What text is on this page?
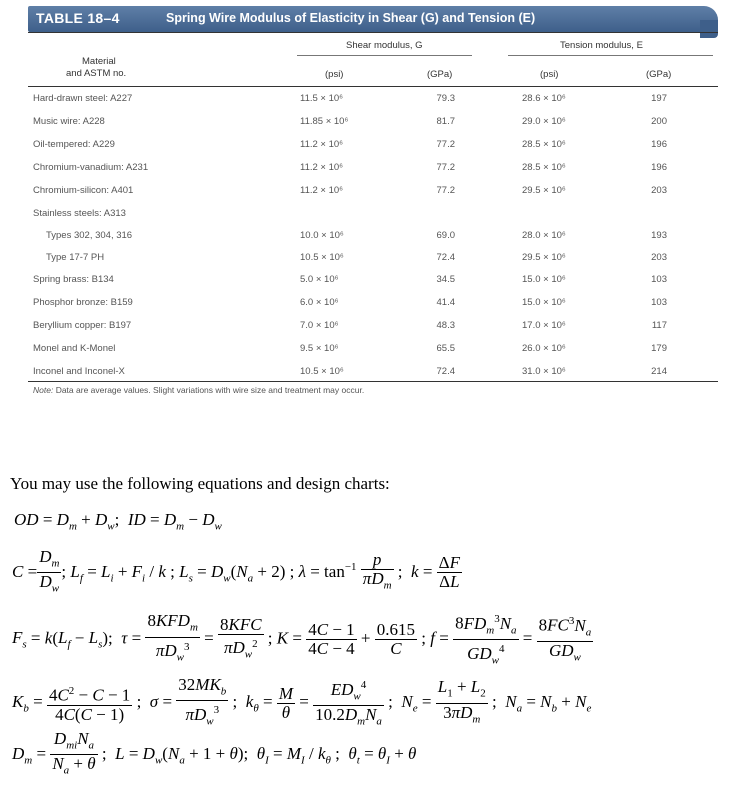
TABLE 18–4	Spring Wire Modulus of Elasticity in Shear (G) and Tension (E)
Material
and ASTM no.
Shear modulus, G	Tension modulus, E
(psi)	(GPa)	(psi)	(GPa)
Hard-drawn steel: A227	11.5 × 10⁶	79.3	28.6 × 10⁶	197
Music wire: A228	11.85 × 10⁶	81.7	29.0 × 10⁶	200
Oil-tempered: A229	11.2 × 10⁶	77.2	28.5 × 10⁶	196
Chromium-vanadium: A231	11.2 × 10⁶	77.2	28.5 × 10⁶	196
Chromium-silicon: A401	11.2 × 10⁶	77.2	29.5 × 10⁶	203
Stainless steels: A313
Types 302, 304, 316	10.0 × 10⁶	69.0	28.0 × 10⁶	193
Type 17-7 PH	10.5 × 10⁶	72.4	29.5 × 10⁶	203
Spring brass: B134	5.0 × 10⁶	34.5	15.0 × 10⁶	103
Phosphor bronze: B159	6.0 × 10⁶	41.4	15.0 × 10⁶	103
Beryllium copper: B197	7.0 × 10⁶	48.3	17.0 × 10⁶	117
Monel and K-Monel	9.5 × 10⁶	65.5	26.0 × 10⁶	179
Inconel and Inconel-X	10.5 × 10⁶	72.4	31.0 × 10⁶	214
Note: Data are average values. Slight variations with wire size and treatment may occur.
You may use the following equations and design charts:
OD = $D_m + D_w$;  ID = $D_m - D_w$
$C = \frac{D_m}{D_w}$ ; $L_f = L_i + F_i / k$ ; $L_s = D_w(N_a + 2)$ ; $\lambda = \tan^{-1} \frac{p}{\pi D_m}$ ;  $k = \frac{\Delta F}{\Delta L}$
$F_s = k(L_f - L_s)$;  $\tau = \frac{8KFD_m}{\pi D_w^3} = \frac{\text{8KFC}}{\pi D_w^2}$ ; $K = \frac{4C - 1}{4C - 4} + \frac{0.615}{C}$ ; $f = \frac{8FD_m^3N_a}{GD_w^4} = \frac{8FC^3N_a}{GD_w}$
$K_b = \frac{4C^2 - C - 1}{4C(C - 1)}$ ;  $\sigma = \frac{32MK_b}{\pi D_w^3}$ ;  $k_\theta = \frac{M}{\theta} = \frac{ED_w^4}{10.2D_mN_a}$ ;  $N_e = \frac{L_1 + L_2}{3\pi D_m}$ ;  $N_a = N_b + N_e$
$D_m = \frac{D_{mi}N_a}{N_a + \theta}$ ;  $L = D_w(N_a + 1 + \theta)$;  $\theta_I = M_I / k_\theta$ ;  $\theta_t = \theta_I + \theta$
